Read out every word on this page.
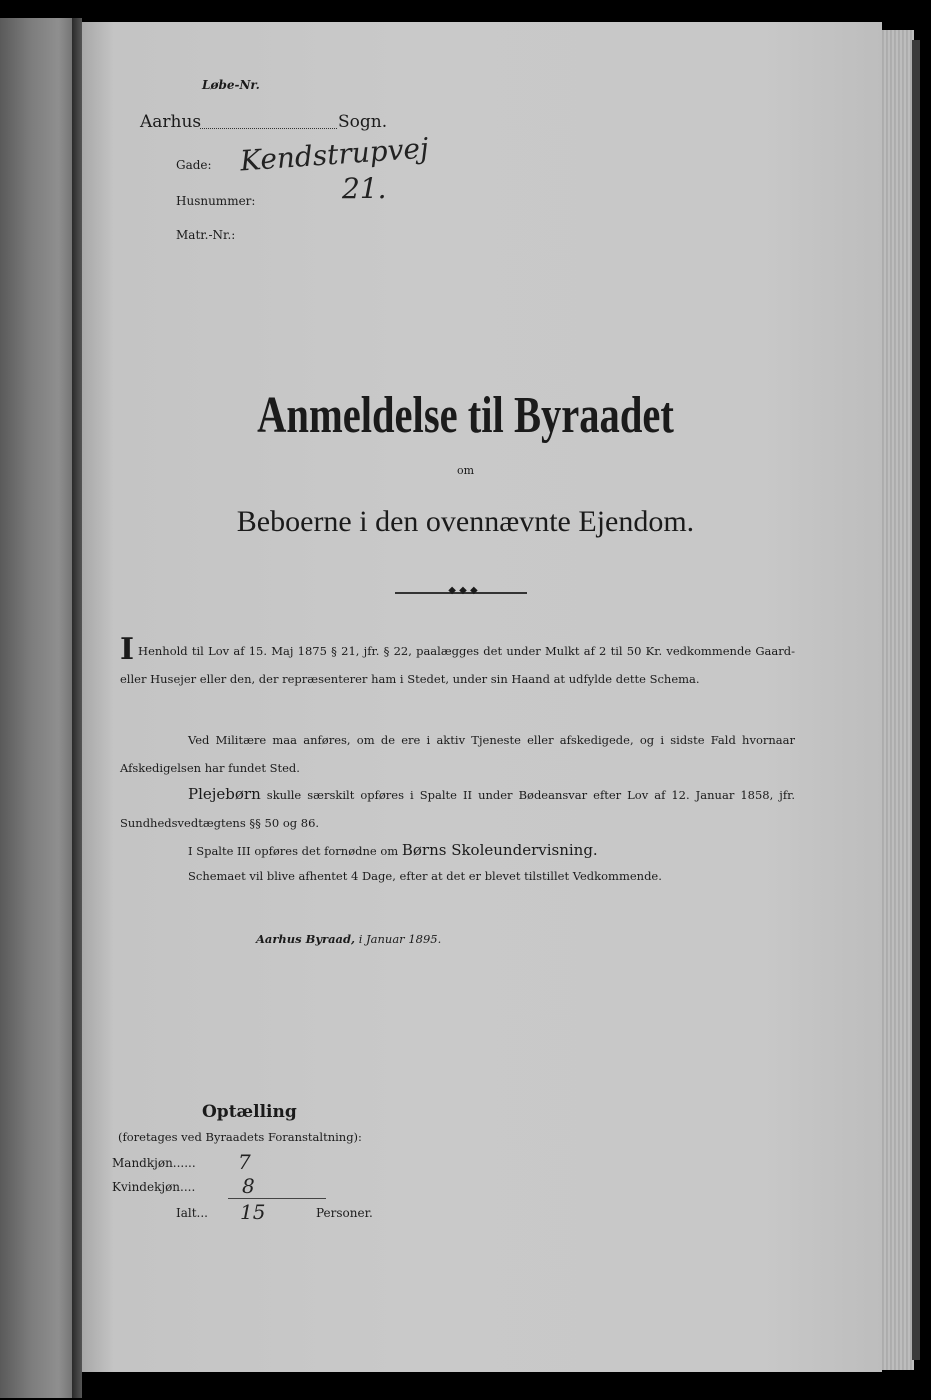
Løbe-Nr.
Aarhus	Sogn.
Gade: Kendstrupvej
Husnummer:	21.
Matr.-Nr.:
Anmeldelse til Byraadet
om
Beboerne i den ovennævnte Ejendom.
◆ ◆ ◆
I Henhold til Lov af 15. Maj 1875 § 21, jfr. § 22, paalægges det under Mulkt af 2 til 50 Kr. vedkommende Gaard- eller Husejer eller den, der repræsenterer ham i Stedet, under sin Haand at udfylde dette Schema.
Ved Militære maa anføres, om de ere i aktiv Tjeneste eller afskedigede, og i sidste Fald hvornaar Afskedigelsen har fundet Sted.
Plejebørn skulle særskilt opføres i Spalte II under Bødeansvar efter Lov af 12. Januar 1858, jfr. Sundhedsvedtægtens §§ 50 og 86.
I Spalte III opføres det fornødne om Børns Skoleundervisning.
Schemaet vil blive afhentet 4 Dage, efter at det er blevet tilstillet Vedkommende.
Aarhus Byraad, i Januar 1895.
Optælling
(foretages ved Byraadets Foranstaltning):
Mandkjøn...... 7
Kvindekjøn.... 8
Ialt... 15	Personer.
